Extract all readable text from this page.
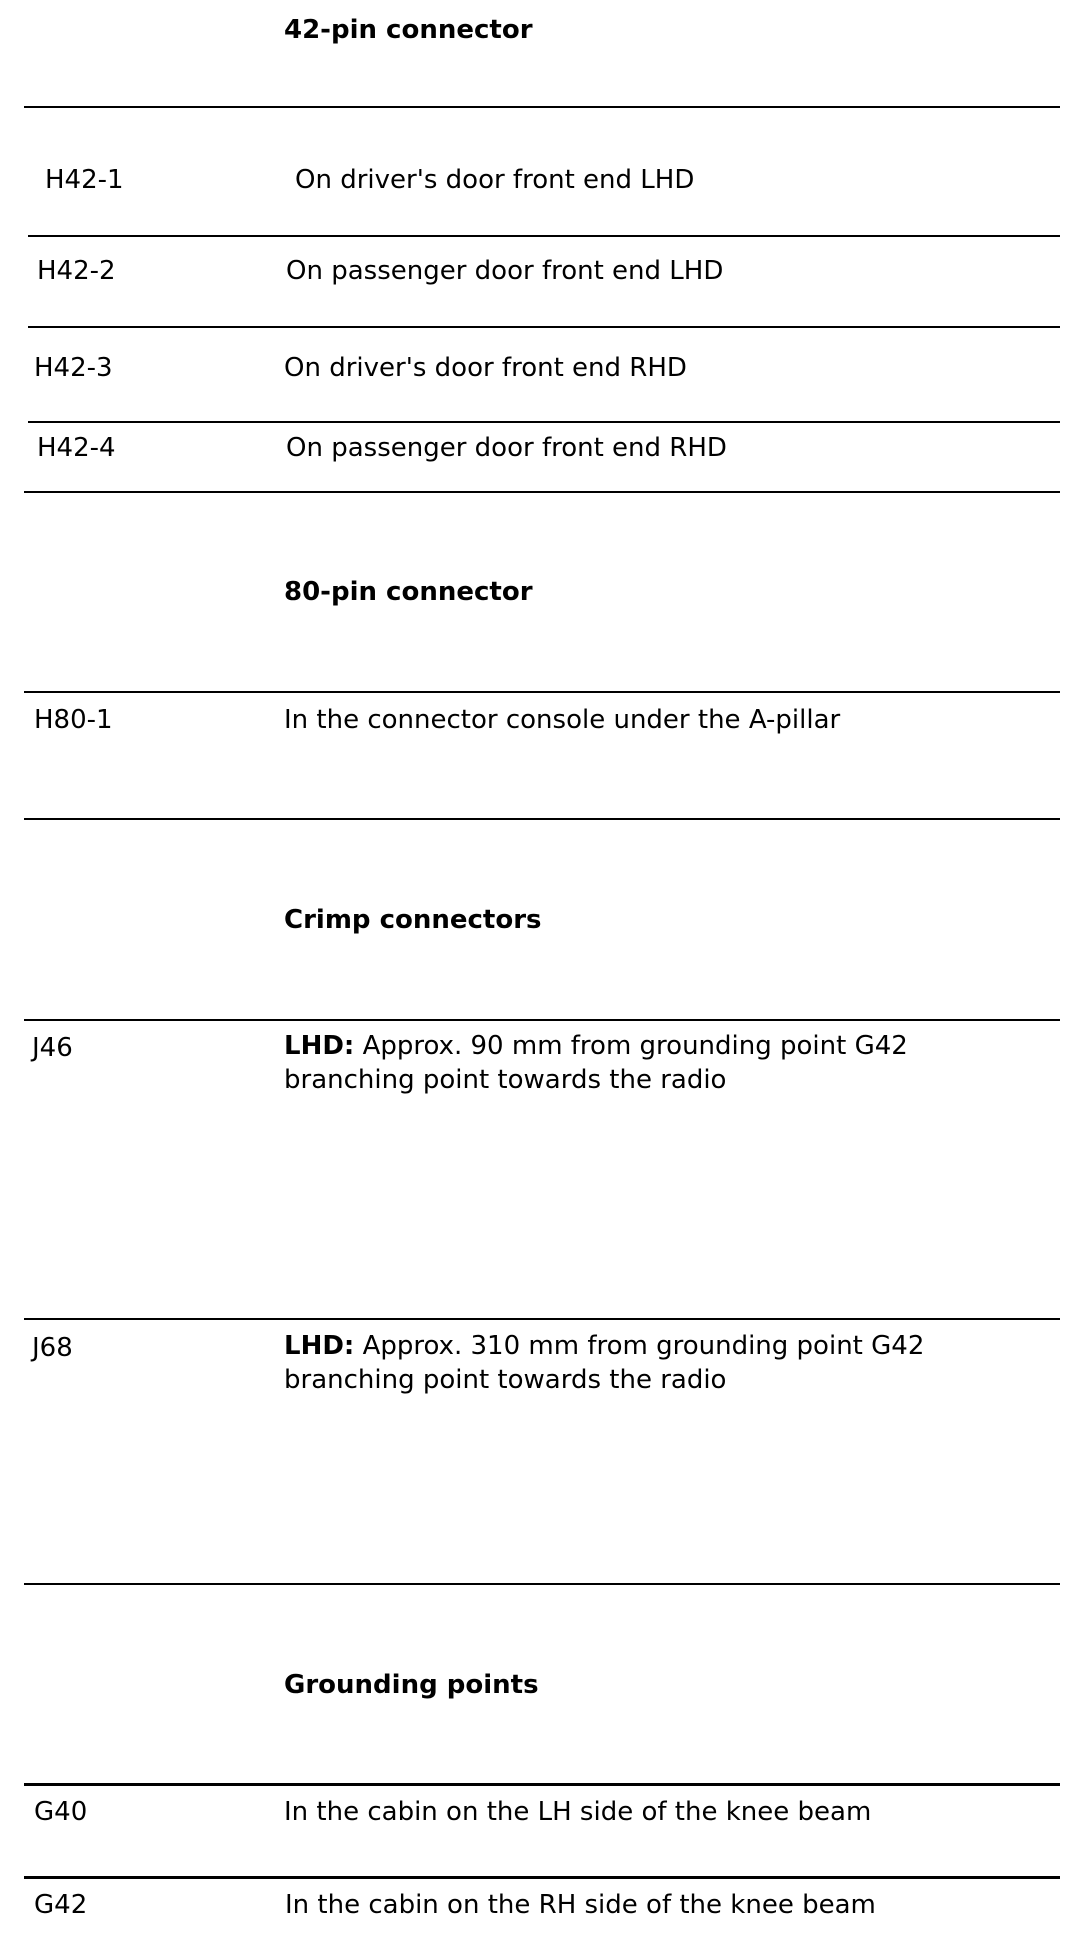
42-pin connector
H42-1	On driver's door front end LHD
H42-2	On passenger door front end LHD
H42-3	On driver's door front end RHD
H42-4	On passenger door front end RHD
80-pin connector
H80-1	In the connector console under the A-pillar
Crimp connectors
J46	LHD: Approx. 90 mm from grounding point G42
branching point towards the radio
J68	LHD: Approx. 310 mm from grounding point G42
branching point towards the radio
Grounding points
G40	In the cabin on the LH side of the knee beam
G42	In the cabin on the RH side of the knee beam
